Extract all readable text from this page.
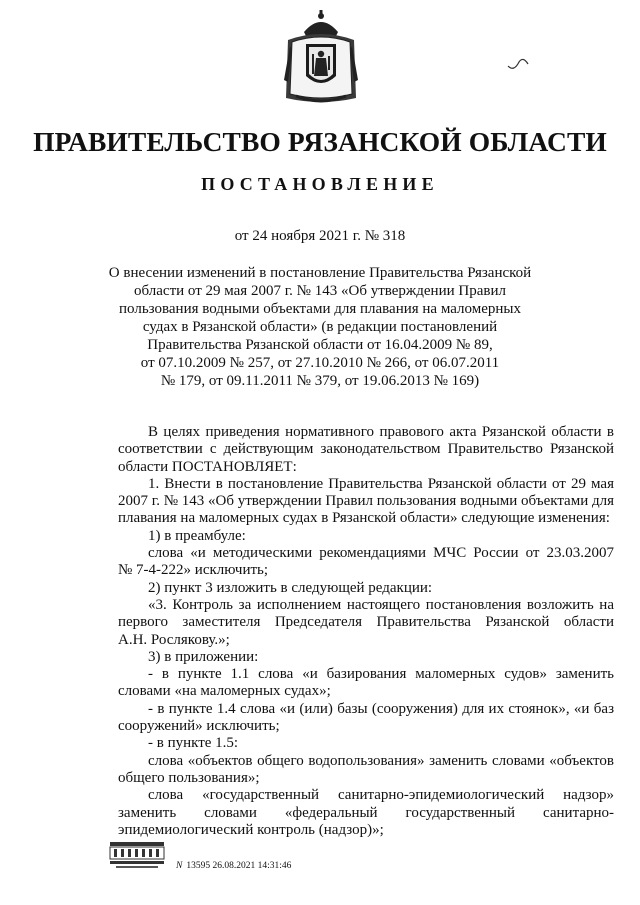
ПРАВИТЕЛЬСТВО РЯЗАНСКОЙ ОБЛАСТИ
ПОСТАНОВЛЕНИЕ
от 24 ноября 2021 г. № 318
О внесении изменений в постановление Правительства Рязанской
области от 29 мая 2007 г. № 143 «Об утверждении Правил
пользования водными объектами для плавания на маломерных
судах в Рязанской области» (в редакции постановлений
Правительства Рязанской области от 16.04.2009 № 89,
от 07.10.2009 № 257, от 27.10.2010 № 266, от 06.07.2011
№ 179, от 09.11.2011 № 379, от 19.06.2013 № 169)
В целях приведения нормативного правового акта Рязанской области в
соответствии с действующим законодательством Правительство Рязанской
области ПОСТАНОВЛЯЕТ:
1. Внести в постановление Правительства Рязанской области от 29 мая
2007 г. № 143 «Об утверждении Правил пользования водными объектами для
плавания на маломерных судах в Рязанской области» следующие изменения:
1) в преамбуле:
слова «и методическими рекомендациями МЧС России от 23.03.2007
№ 7-4-222» исключить;
2) пункт 3 изложить в следующей редакции:
«3. Контроль за исполнением настоящего постановления возложить на
первого заместителя Председателя Правительства Рязанской области
А.Н. Рослякову.»;
3) в приложении:
- в пункте 1.1 слова «и базирования маломерных судов» заменить
словами «на маломерных судах»;
- в пункте 1.4 слова «и (или) базы (сооружения) для их стоянок», «и баз
сооружений» исключить;
- в пункте 1.5:
слова «объектов общего водопользования» заменить словами «объектов
общего пользования»;
слова «государственный санитарно-эпидемиологический надзор»
заменить словами «федеральный государственный санитарно-
эпидемиологический контроль (надзор)»;
N 13595 26.08.2021 14:31:46
